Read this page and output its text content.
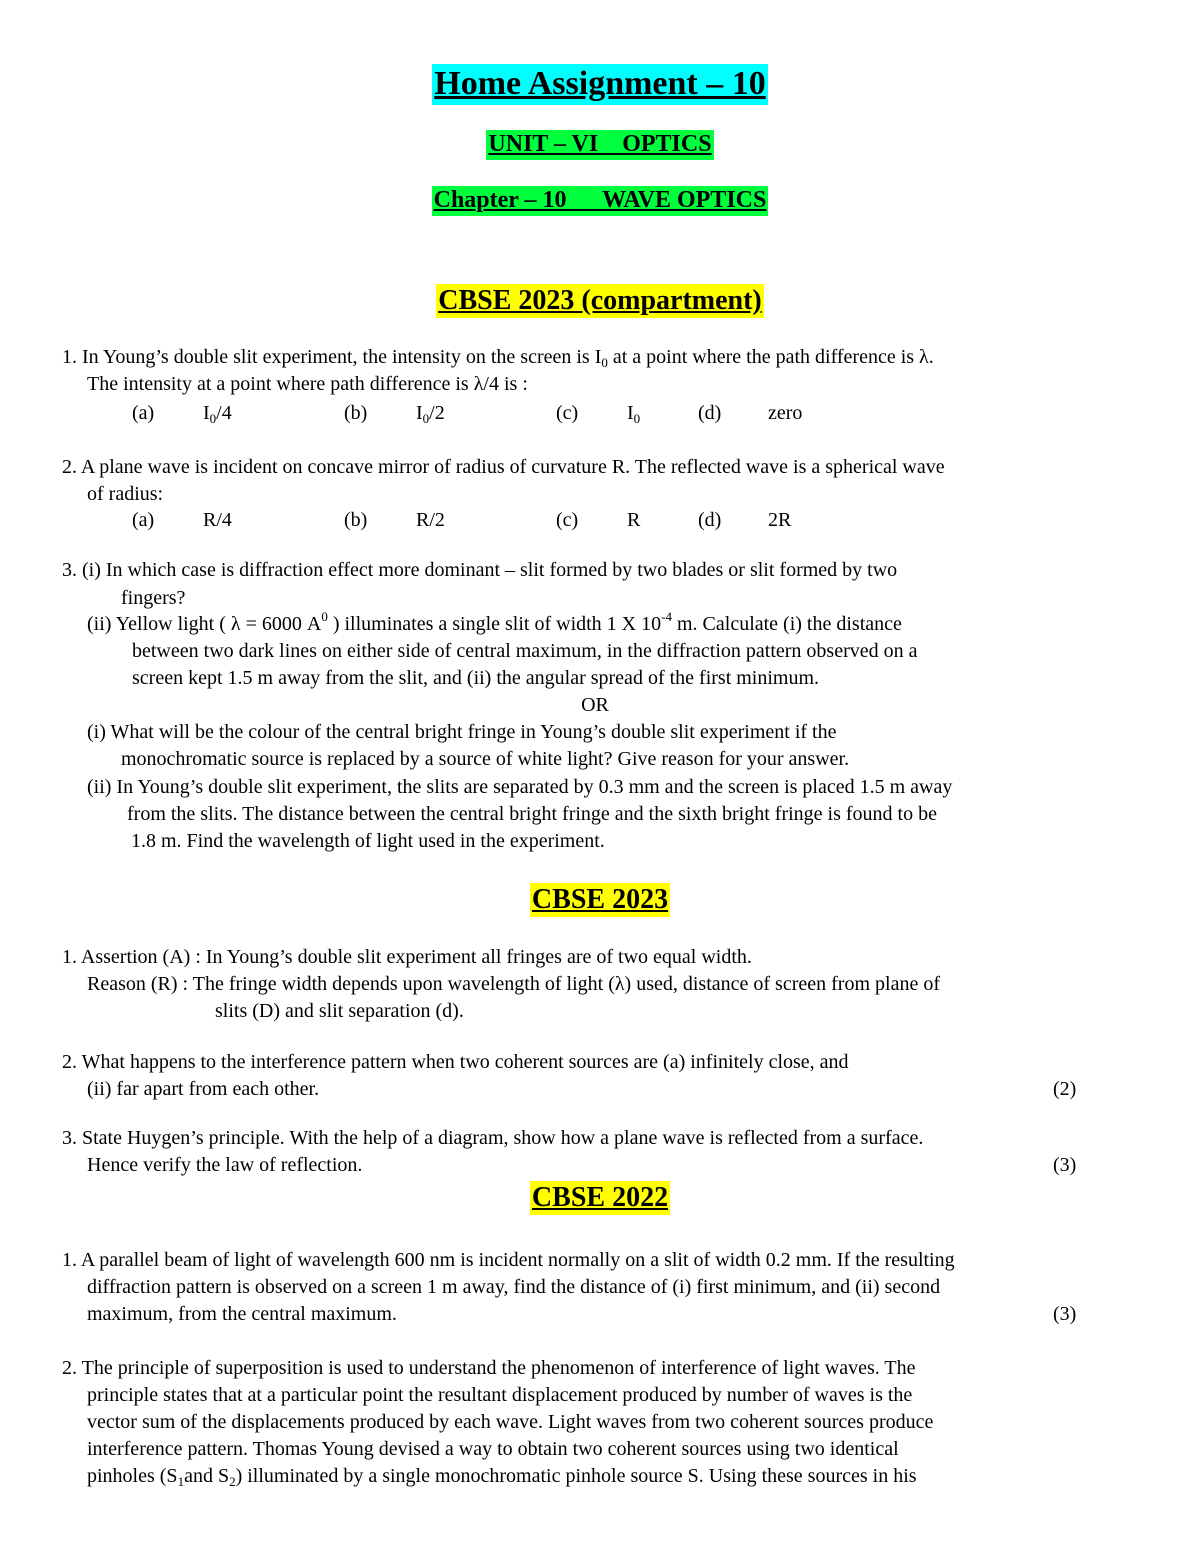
Home Assignment – 10
UNIT – VI    OPTICS
Chapter – 10      WAVE OPTICS
CBSE 2023 (compartment)
1. In Young’s double slit experiment, the intensity on the screen is $I_0$ at a point where the path difference is λ.
The intensity at a point where path difference is λ/4 is :
(a) $I_0/4$	(b) $I_0/2$	(c) $I_0$	(d) zero
2. A plane wave is incident on concave mirror of radius of curvature R. The reflected wave is a spherical wave
of radius:
(a) R/4	(b) R/2	(c) R	(d) 2R
3. (i) In which case is diffraction effect more dominant – slit formed by two blades or slit formed by two
fingers?
(ii) Yellow light ( λ = 6000 $A^0$ ) illuminates a single slit of width 1 X $10^{-4}$ m. Calculate (i) the distance
between two dark lines on either side of central maximum, in the diffraction pattern observed on a
screen kept 1.5 m away from the slit, and (ii) the angular spread of the first minimum.
OR
(i) What will be the colour of the central bright fringe in Young’s double slit experiment if the
monochromatic source is replaced by a source of white light? Give reason for your answer.
(ii) In Young’s double slit experiment, the slits are separated by 0.3 mm and the screen is placed 1.5 m away
from the slits. The distance between the central bright fringe and the sixth bright fringe is found to be
1.8 m. Find the wavelength of light used in the experiment.
CBSE 2023
1. Assertion (A) : In Young’s double slit experiment all fringes are of two equal width.
Reason (R) : The fringe width depends upon wavelength of light (λ) used, distance of screen from plane of
slits (D) and slit separation (d).
2. What happens to the interference pattern when two coherent sources are (a) infinitely close, and
(ii) far apart from each other.	(2)
3. State Huygen’s principle. With the help of a diagram, show how a plane wave is reflected from a surface.
Hence verify the law of reflection.	(3)
CBSE 2022
1. A parallel beam of light of wavelength 600 nm is incident normally on a slit of width 0.2 mm. If the resulting
diffraction pattern is observed on a screen 1 m away, find the distance of (i) first minimum, and (ii) second
maximum, from the central maximum.	(3)
2. The principle of superposition is used to understand the phenomenon of interference of light waves. The
principle states that at a particular point the resultant displacement produced by number of waves is the
vector sum of the displacements produced by each wave. Light waves from two coherent sources produce
interference pattern. Thomas Young devised a way to obtain two coherent sources using two identical
pinholes ($S_1and$ $S_2$) illuminated by a single monochromatic pinhole source S. Using these sources in his
